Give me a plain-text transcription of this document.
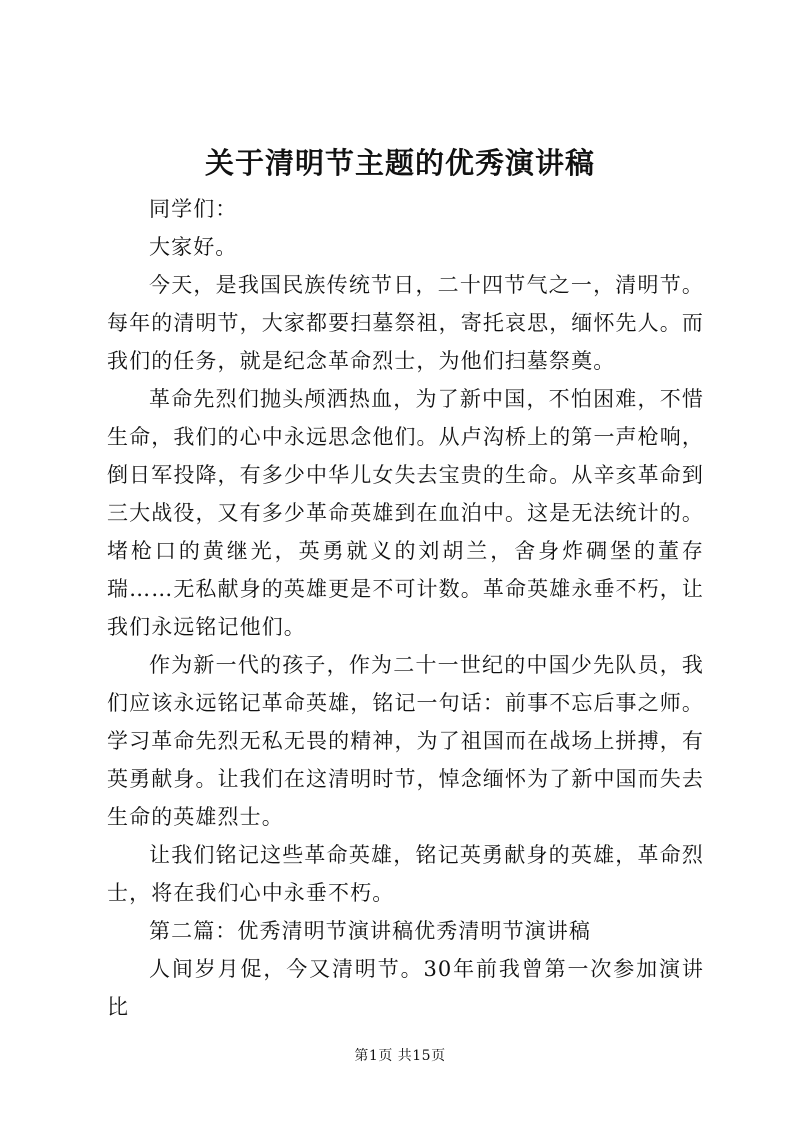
关于清明节主题的优秀演讲稿

同学们：

大家好。

今天，是我国民族传统节日，二十四节气之一，清明节。每年的清明节，大家都要扫墓祭祖，寄托哀思，缅怀先人。而我们的任务，就是纪念革命烈士，为他们扫墓祭奠。

革命先烈们抛头颅洒热血，为了新中国，不怕困难，不惜生命，我们的心中永远思念他们。从卢沟桥上的第一声枪响，倒日军投降，有多少中华儿女失去宝贵的生命。从辛亥革命到三大战役，又有多少革命英雄到在血泊中。这是无法统计的。堵枪口的黄继光，英勇就义的刘胡兰，舍身炸碉堡的董存瑞……无私献身的英雄更是不可计数。革命英雄永垂不朽，让我们永远铭记他们。

作为新一代的孩子，作为二十一世纪的中国少先队员，我们应该永远铭记革命英雄，铭记一句话：前事不忘后事之师。学习革命先烈无私无畏的精神，为了祖国而在战场上拼搏，有英勇献身。让我们在这清明时节，悼念缅怀为了新中国而失去生命的英雄烈士。

让我们铭记这些革命英雄，铭记英勇献身的英雄，革命烈士，将在我们心中永垂不朽。

第二篇：优秀清明节演讲稿优秀清明节演讲稿

人间岁月促，今又清明节。30年前我曾第一次参加演讲比

第1页 共15页
